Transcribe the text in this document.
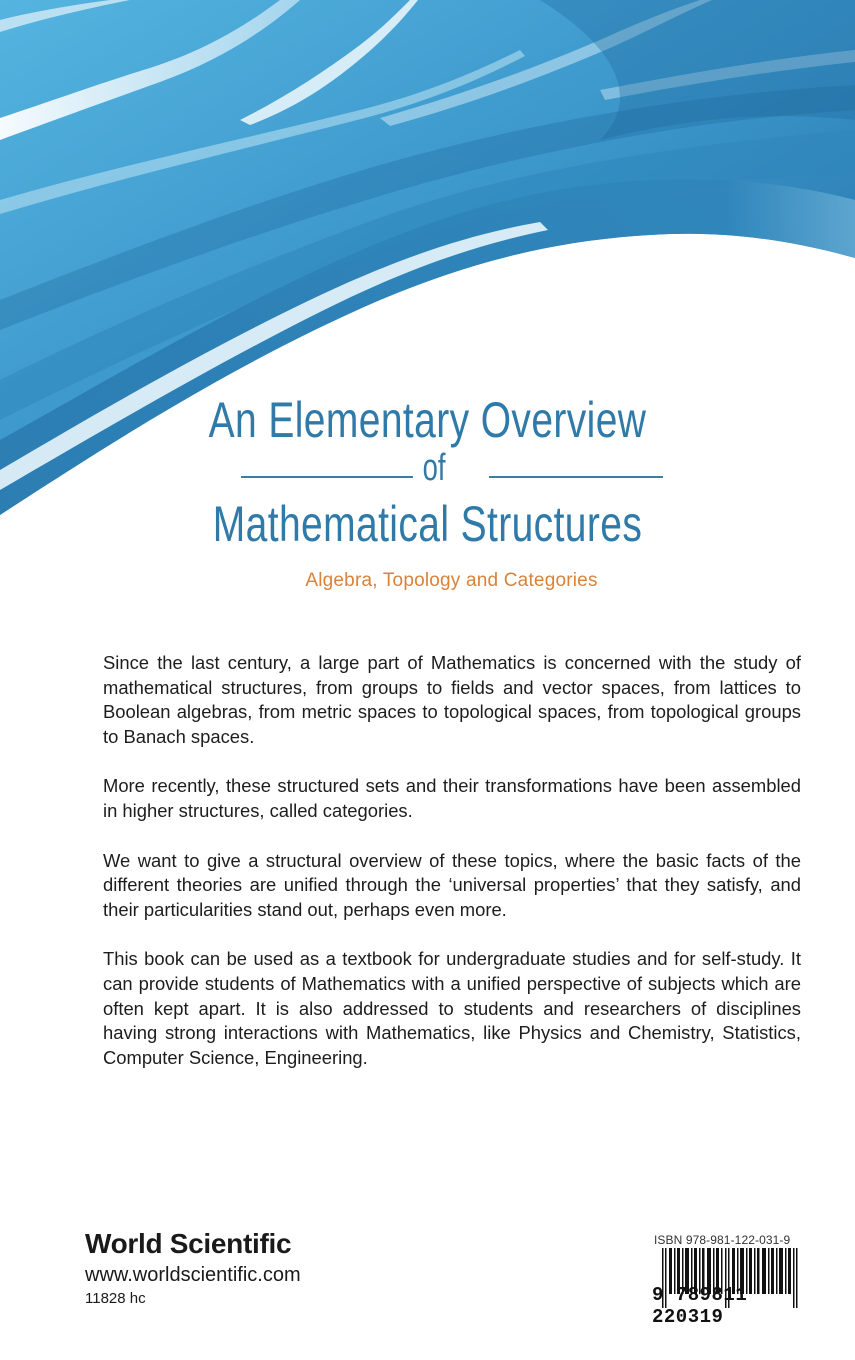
An Elementary Overview
of
Mathematical Structures
Algebra, Topology and Categories

Since the last century, a large part of Mathematics is concerned with the study of mathematical structures, from groups to fields and vector spaces, from lattices to Boolean algebras, from metric spaces to topological spaces, from topological groups to Banach spaces.

More recently, these structured sets and their transformations have been assembled in higher structures, called categories.

We want to give a structural overview of these topics, where the basic facts of the different theories are unified through the ‘universal properties’ that they satisfy, and their particularities stand out, perhaps even more.

This book can be used as a textbook for undergraduate studies and for self-study. It can provide students of Mathematics with a unified perspective of subjects which are often kept apart. It is also addressed to students and researchers of disciplines having strong interactions with Mathematics, like Physics and Chemistry, Statistics, Computer Science, Engineering.

World Scientific
www.worldscientific.com
11828 hc
ISBN 978-981-122-031-9
9 789811 220319
